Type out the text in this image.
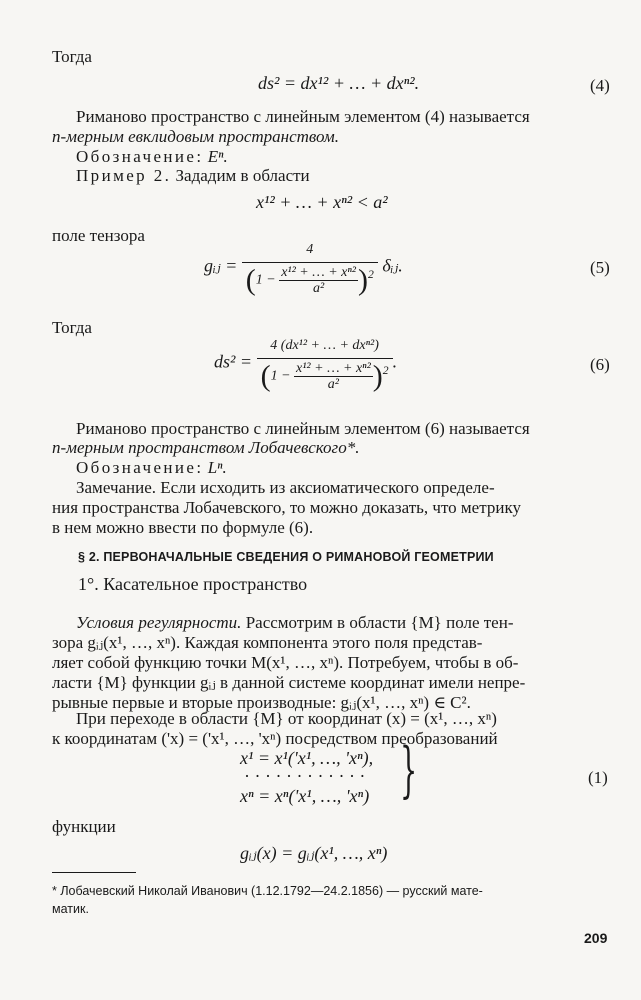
Тогда
ds² = dx¹² + … + dxⁿ².	(4)
Риманово пространство с линейным элементом (4) называется
n-мерным евклидовым пространством.
Обозначение: Eⁿ.
Пример 2. Зададим в области
x¹² + … + xⁿ² < a²
поле тензора
gᵢⱼ = $\frac{4}{(1 - \frac{\text{x¹² + … + xⁿ²}}{\text{a²}} )^2}$ δᵢⱼ.	(5)
Тогда
$ds^2 = \frac{\text{4 (dx¹² + … + dxⁿ²)}}{(1 - \frac{\text{x¹² + … + xⁿ²}}{\text{a²}} )^2}$ .	(6)
Риманово пространство с линейным элементом (6) называется
n-мерным пространством Лобачевского*.
Обозначение: Lⁿ.
Замечание. Если исходить из аксиоматического определе-
ния пространства Лобачевского, то можно доказать, что метрику
в нем можно ввести по формуле (6).
§ 2. ПЕРВОНАЧАЛЬНЫЕ СВЕДЕНИЯ О РИМАНОВОЙ ГЕОМЕТРИИ
1°. Касательное пространство
Условия регулярности. Рассмотрим в области {M} поле тен-
зора gᵢⱼ(x¹, …, xⁿ). Каждая компонента этого поля представ-
ляет собой функцию точки M(x¹, …, xⁿ). Потребуем, чтобы в об-
ласти {M} функции gᵢⱼ в данной системе координат имели непре-
рывные первые и вторые производные: gᵢⱼ(x¹, …, xⁿ) ∈ C².
При переходе в области {M} от координат (x) = (x¹, …, xⁿ)
к координатам ('x) = ('x¹, …, 'xⁿ) посредством преобразований
x¹ = x¹('x¹, …, 'xⁿ),
· · · · · · · · · · · ·
xⁿ = xⁿ('x¹, …, 'xⁿ) }	(1)
функции
gᵢⱼ(x) = gᵢⱼ(x¹, …, xⁿ)
* Лобачевский Николай Иванович (1.12.1792—24.2.1856) — русский мате-
матик.
209
